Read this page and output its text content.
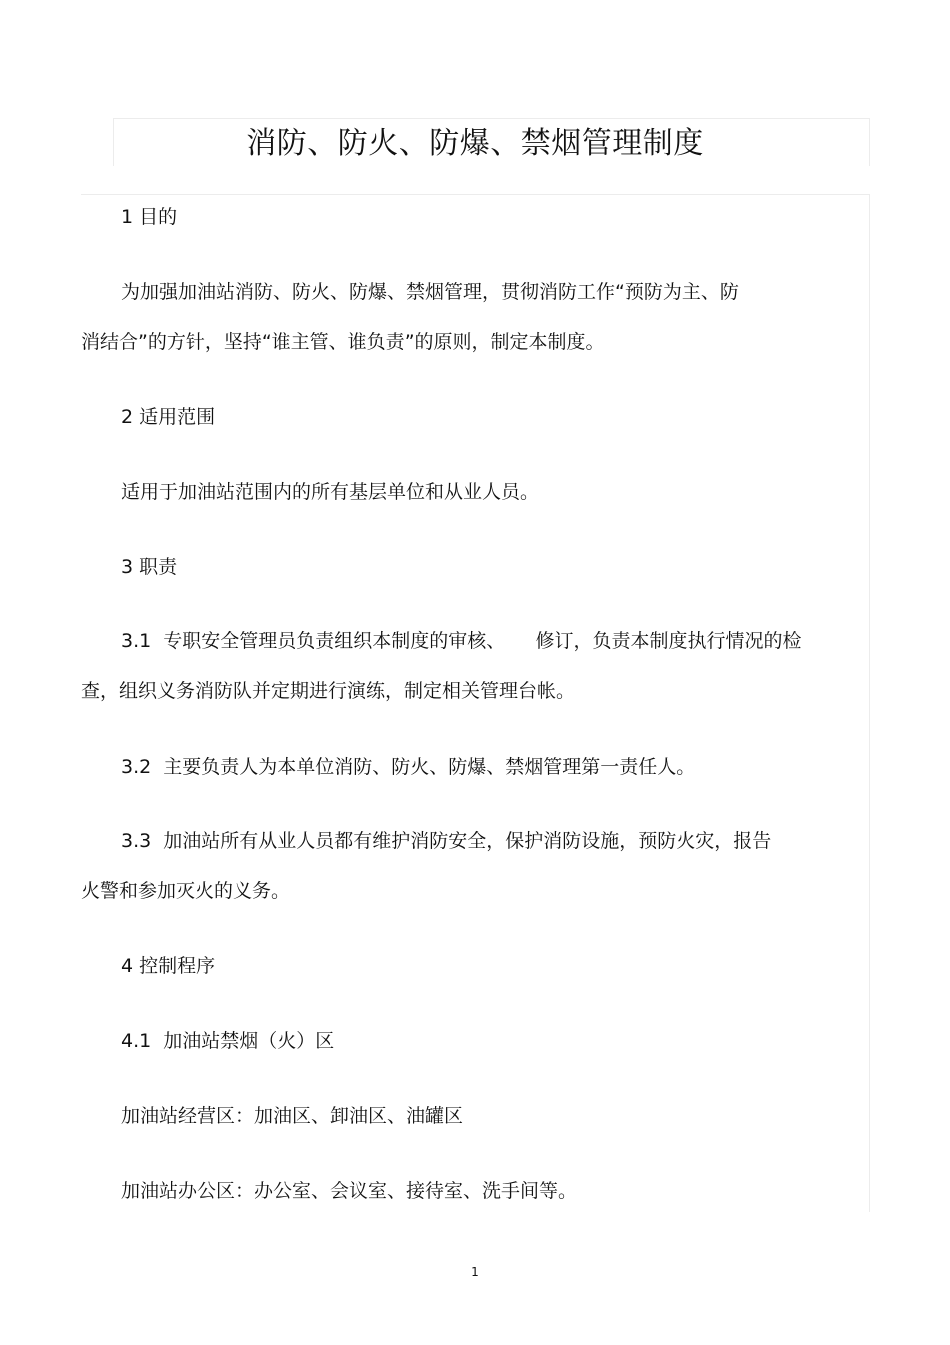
消防、防火、防爆、禁烟管理制度

1 目的

为加强加油站消防、防火、防爆、禁烟管理，贯彻消防工作“预防为主、防

消结合”的方针，坚持“谁主管、谁负责”的原则，制定本制度。

2 适用范围

适用于加油站范围内的所有基层单位和从业人员。

3 职责

3.1  专职安全管理员负责组织本制度的审核、     修订，负责本制度执行情况的检

查，组织义务消防队并定期进行演练，制定相关管理台帐。

3.2  主要负责人为本单位消防、防火、防爆、禁烟管理第一责任人。

3.3  加油站所有从业人员都有维护消防安全，保护消防设施，预防火灾，报告

火警和参加灭火的义务。

4 控制程序

4.1  加油站禁烟（火）区

加油站经营区：加油区、卸油区、油罐区

加油站办公区：办公室、会议室、接待室、洗手间等。

1
